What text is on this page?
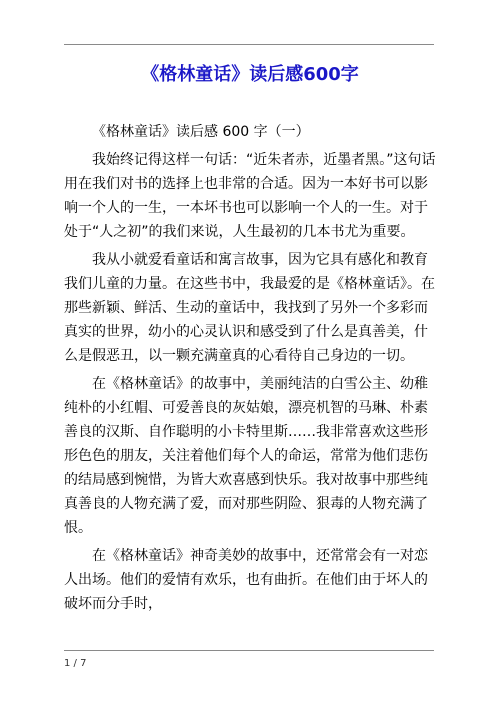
《格林童话》读后感600字

《格林童话》读后感 600 字（一）

我始终记得这样一句话：“近朱者赤，近墨者黑。”这句话用在我们对书的选择上也非常的合适。因为一本好书可以影响一个人的一生，一本坏书也可以影响一个人的一生。对于处于“人之初”的我们来说，人生最初的几本书尤为重要。

我从小就爱看童话和寓言故事，因为它具有感化和教育我们儿童的力量。在这些书中，我最爱的是《格林童话》。在那些新颖、鲜活、生动的童话中，我找到了另外一个多彩而真实的世界，幼小的心灵认识和感受到了什么是真善美，什么是假恶丑，以一颗充满童真的心看待自己身边的一切。

在《格林童话》的故事中，美丽纯洁的白雪公主、幼稚纯朴的小红帽、可爱善良的灰姑娘，漂亮机智的马琳、朴素善良的汉斯、自作聪明的小卡特里斯……我非常喜欢这些形形色色的朋友，关注着他们每个人的命运，常常为他们悲伤的结局感到惋惜，为皆大欢喜感到快乐。我对故事中那些纯真善良的人物充满了爱，而对那些阴险、狠毒的人物充满了恨。

在《格林童话》神奇美妙的故事中，还常常会有一对恋人出场。他们的爱情有欢乐，也有曲折。在他们由于坏人的破坏而分手时，

1 / 7
